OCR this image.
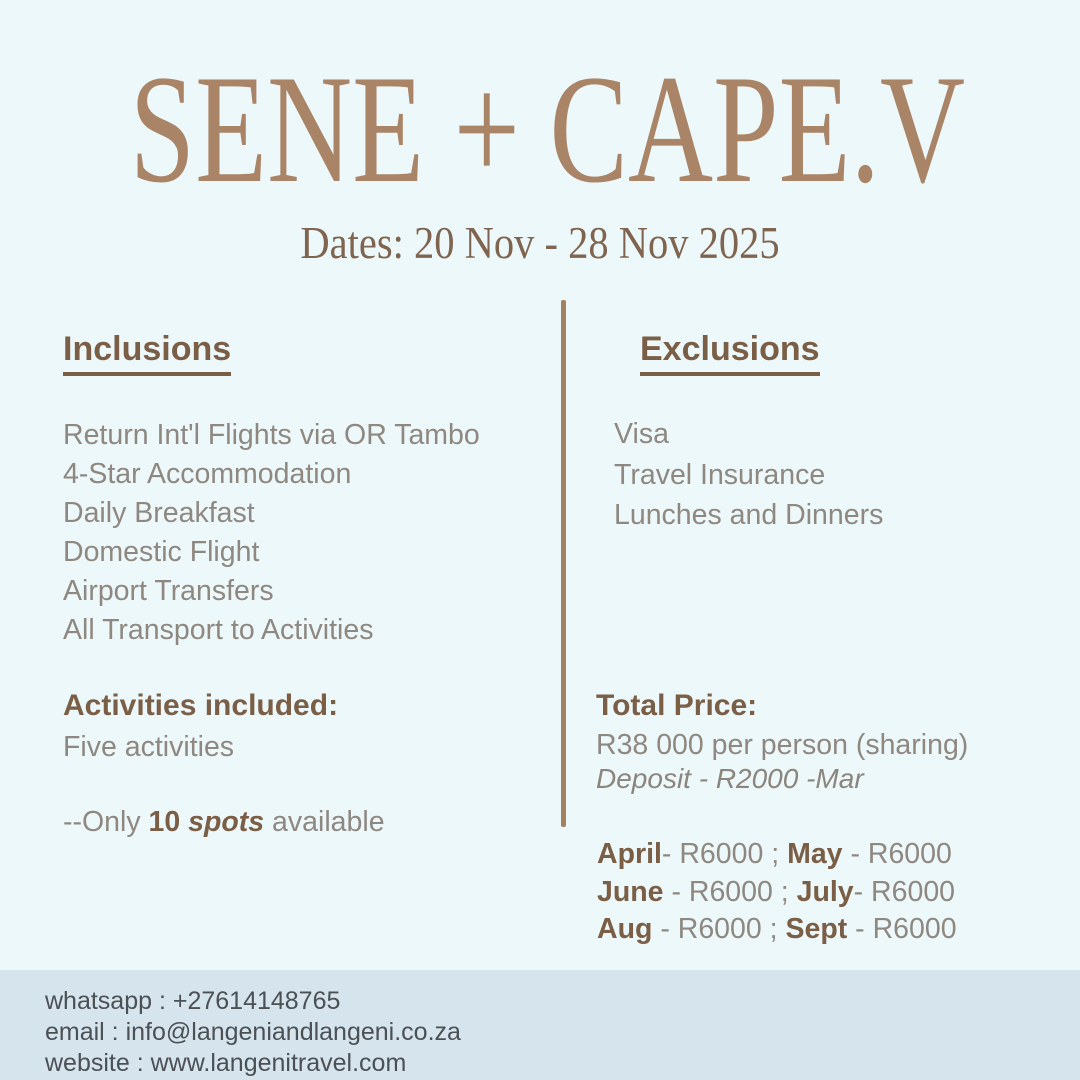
SENE + CAPE.V
Dates: 20 Nov - 28 Nov 2025
Inclusions

Return Int'l Flights via OR Tambo

4-Star Accommodation

Daily Breakfast

Domestic Flight

Airport Transfers

All Transport to Activities

Activities included:

Five activities

--Only 10 spots available

Exclusions

Visa

Travel Insurance

Lunches and Dinners

Total Price:

R38 000 per person (sharing)

Deposit - R2000 -Mar

April- R6000 ; May - R6000

June - R6000 ; July- R6000

Aug - R6000 ; Sept - R6000

whatsapp : +27614148765

email : info@langeniandlangeni.co.za

website : www.langenitravel.com
